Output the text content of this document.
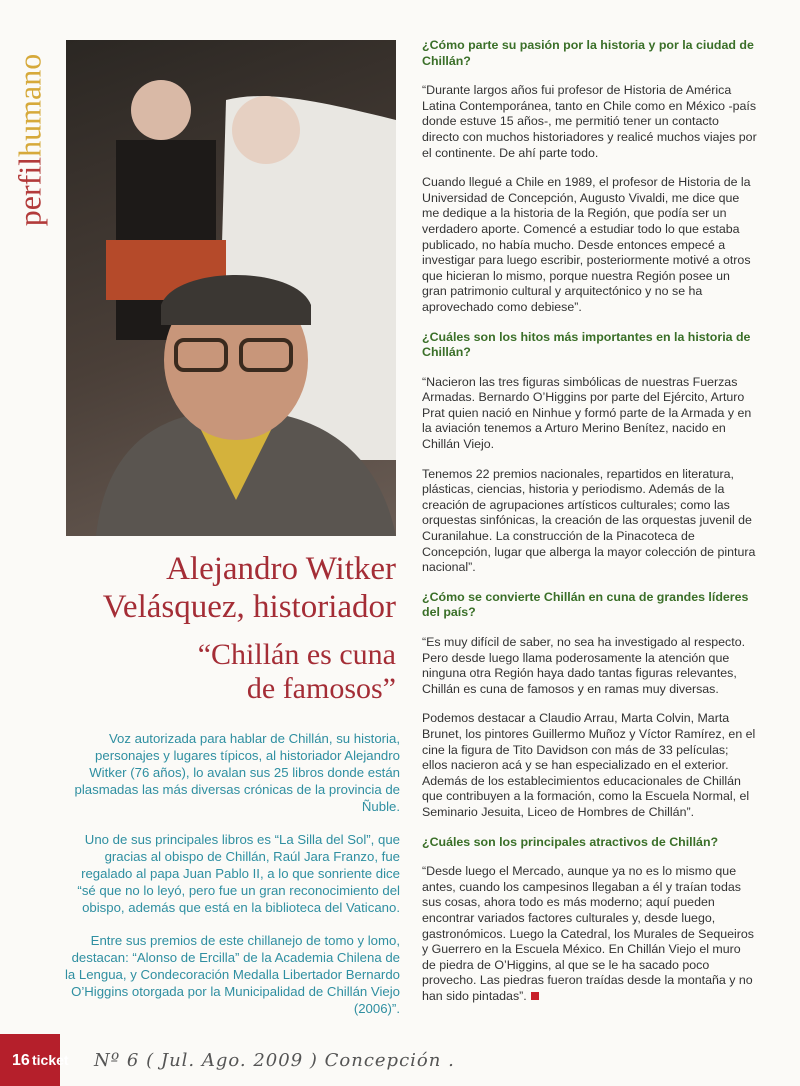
perfilhumano
Alejandro Witker
Velásquez, historiador
“Chillán es cuna
de famosos”

Voz autorizada para hablar de Chillán, su historia, personajes y lugares típicos, al historiador Alejandro Witker (76 años), lo avalan sus 25 libros donde están plasmadas las más diversas crónicas de la provincia de Ñuble.

Uno de sus principales libros es “La Silla del Sol”, que gracias al obispo de Chillán, Raúl Jara Franzo, fue regalado al papa Juan Pablo II, a lo que sonriente dice “sé que no lo leyó, pero fue un gran reconocimiento del obispo, además que está en la biblioteca del Vaticano.

Entre sus premios de este chillanejo de tomo y lomo, destacan: “Alonso de Ercilla” de la Academia Chilena de la Lengua, y Condecoración Medalla Libertador Bernardo O’Higgins otorgada por la Municipalidad de Chillán Viejo (2006)”.

¿Cómo parte su pasión por la historia y por la ciudad de Chillán?

“Durante largos años fui profesor de Historia de América Latina Contemporánea, tanto en Chile como en México -país donde estuve 15 años-, me permitió tener un contacto directo con muchos historiadores y realicé muchos viajes por el continente. De ahí parte todo.

Cuando llegué a Chile en 1989, el profesor de Historia de la Universidad de Concepción, Augusto Vivaldi, me dice que me dedique a la historia de la Región, que podía ser un verdadero aporte. Comencé a estudiar todo lo que estaba publicado, no había mucho. Desde entonces empecé a investigar para luego escribir, posteriormente motivé a otros que hicieran lo mismo, porque nuestra Región posee un gran patrimonio cultural y arquitectónico y no se ha aprovechado como debiese”.

¿Cuáles son los hitos más importantes en la historia de Chillán?

“Nacieron las tres figuras simbólicas de nuestras Fuerzas Armadas. Bernardo O’Higgins por parte del Ejército, Arturo Prat quien nació en Ninhue y formó parte de la Armada y en la aviación tenemos a Arturo Merino Benítez, nacido en Chillán Viejo.

Tenemos 22 premios nacionales, repartidos en literatura, plásticas, ciencias, historia y periodismo. Además de la creación de agrupaciones artísticos culturales; como las orquestas sinfónicas, la creación de las orquestas juvenil de Curanilahue. La construcción de la Pinacoteca de Concepción, lugar que alberga la mayor colección de pintura nacional”.

¿Cómo se convierte Chillán en cuna de grandes líderes del país?

“Es muy difícil de saber, no sea ha investigado al respecto. Pero desde luego llama poderosamente la atención que ninguna otra Región haya dado tantas figuras relevantes, Chillán es cuna de famosos y en ramas muy diversas.

Podemos destacar a Claudio Arrau, Marta Colvin, Marta Brunet, los pintores Guillermo Muñoz y Víctor Ramírez, en el cine la figura de Tito Davidson con más de 33 películas; ellos nacieron acá y se han especializado en el exterior. Además de los establecimientos educacionales de Chillán que contribuyen a la formación, como la Escuela Normal, el Seminario Jesuita, Liceo de Hombres de Chillán”.

¿Cuáles son los principales atractivos de Chillán?

“Desde luego el Mercado, aunque ya no es lo mismo que antes, cuando los campesinos llegaban a él y traían todas sus cosas, ahora todo es más moderno; aquí pueden encontrar variados factores culturales y, desde luego, gastronómicos. Luego la Catedral, los Murales de Sequeiros y Guerrero en la Escuela México. En Chillán Viejo el muro de piedra de O’Higgins, al que se le ha sacado poco provecho. Las piedras fueron traídas desde la montaña y no han sido pintadas”.

16 ticket Nº 6 ( Jul. Ago. 2009 ) Concepción .
